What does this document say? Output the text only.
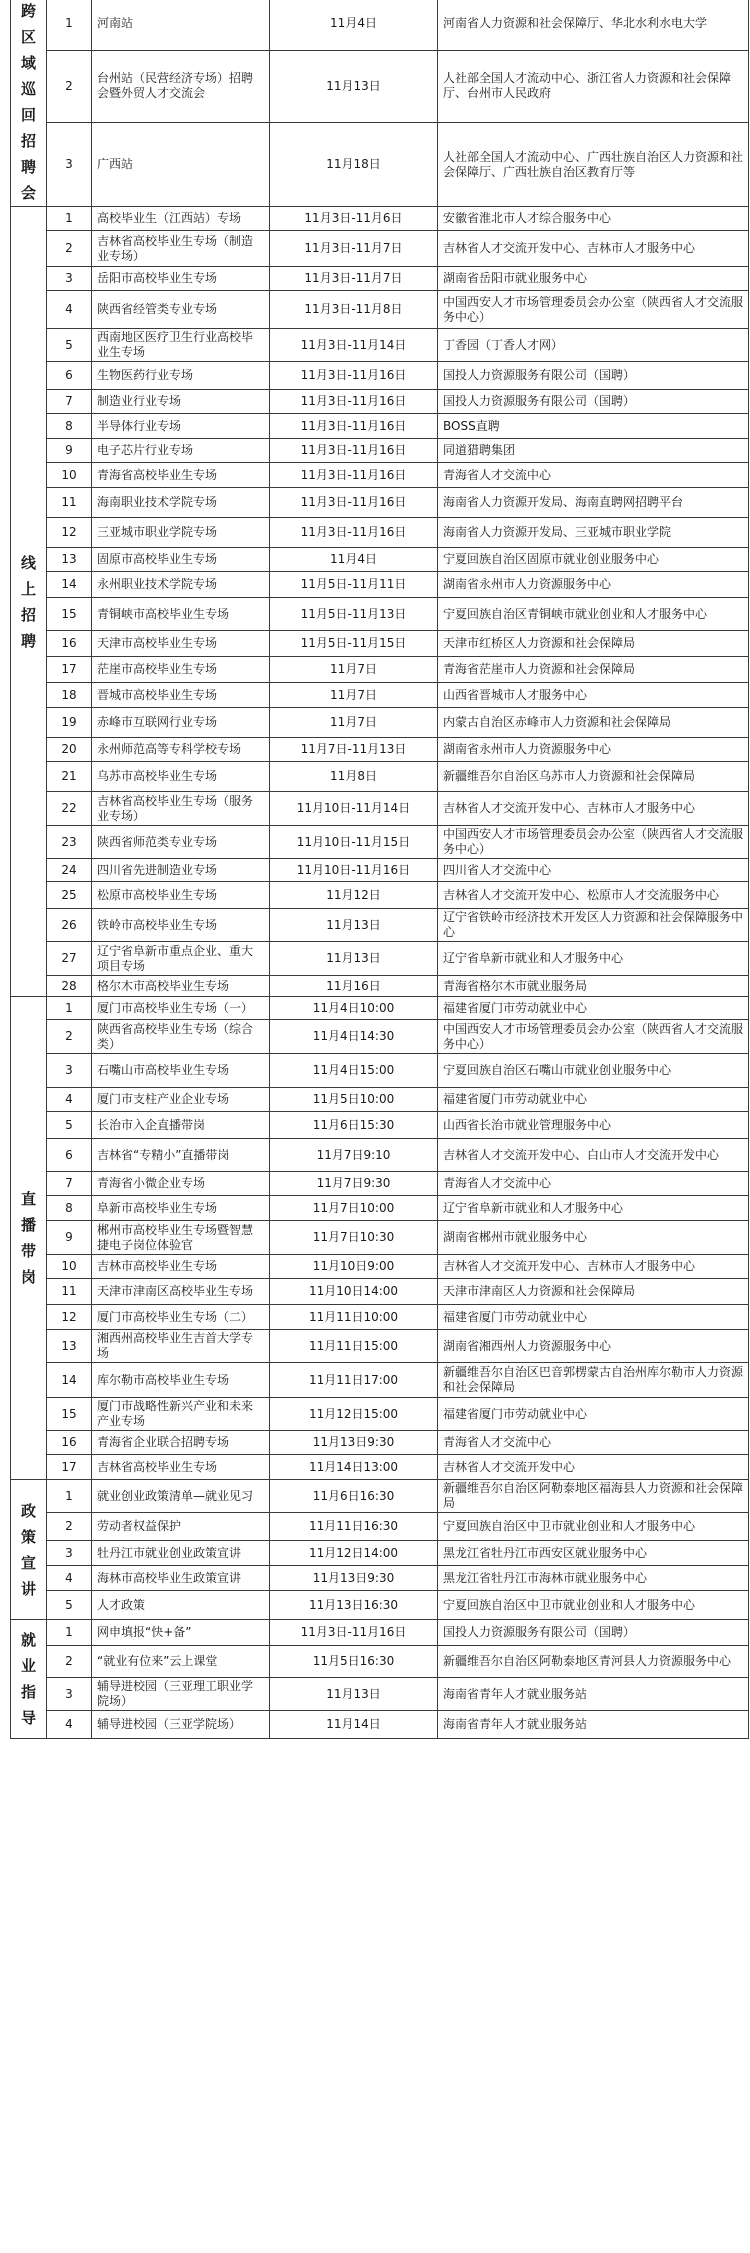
跨区域巡回招聘会	1	河南站	11月4日	河南省人力资源和社会保障厅、华北水利水电大学
	2	台州站（民营经济专场）招聘会暨外贸人才交流会	11月13日	人社部全国人才流动中心、浙江省人力资源和社会保障厅、台州市人民政府
	3	广西站	11月18日	人社部全国人才流动中心、广西壮族自治区人力资源和社会保障厅、广西壮族自治区教育厅等
线上招聘	1	高校毕业生（江西站）专场	11月3日-11月6日	安徽省淮北市人才综合服务中心
	2	吉林省高校毕业生专场（制造业专场）	11月3日-11月7日	吉林省人才交流开发中心、吉林市人才服务中心
	3	岳阳市高校毕业生专场	11月3日-11月7日	湖南省岳阳市就业服务中心
	4	陕西省经管类专业专场	11月3日-11月8日	中国西安人才市场管理委员会办公室（陕西省人才交流服务中心）
	5	西南地区医疗卫生行业高校毕业生专场	11月3日-11月14日	丁香园（丁香人才网）
	6	生物医药行业专场	11月3日-11月16日	国投人力资源服务有限公司（国聘）
	7	制造业行业专场	11月3日-11月16日	国投人力资源服务有限公司（国聘）
	8	半导体行业专场	11月3日-11月16日	BOSS直聘
	9	电子芯片行业专场	11月3日-11月16日	同道猎聘集团
	10	青海省高校毕业生专场	11月3日-11月16日	青海省人才交流中心
	11	海南职业技术学院专场	11月3日-11月16日	海南省人力资源开发局、海南直聘网招聘平台
	12	三亚城市职业学院专场	11月3日-11月16日	海南省人力资源开发局、三亚城市职业学院
	13	固原市高校毕业生专场	11月4日	宁夏回族自治区固原市就业创业服务中心
	14	永州职业技术学院专场	11月5日-11月11日	湖南省永州市人力资源服务中心
	15	青铜峡市高校毕业生专场	11月5日-11月13日	宁夏回族自治区青铜峡市就业创业和人才服务中心
	16	天津市高校毕业生专场	11月5日-11月15日	天津市红桥区人力资源和社会保障局
	17	茫崖市高校毕业生专场	11月7日	青海省茫崖市人力资源和社会保障局
	18	晋城市高校毕业生专场	11月7日	山西省晋城市人才服务中心
	19	赤峰市互联网行业专场	11月7日	内蒙古自治区赤峰市人力资源和社会保障局
	20	永州师范高等专科学校专场	11月7日-11月13日	湖南省永州市人力资源服务中心
	21	乌苏市高校毕业生专场	11月8日	新疆维吾尔自治区乌苏市人力资源和社会保障局
	22	吉林省高校毕业生专场（服务业专场）	11月10日-11月14日	吉林省人才交流开发中心、吉林市人才服务中心
	23	陕西省师范类专业专场	11月10日-11月15日	中国西安人才市场管理委员会办公室（陕西省人才交流服务中心）
	24	四川省先进制造业专场	11月10日-11月16日	四川省人才交流中心
	25	松原市高校毕业生专场	11月12日	吉林省人才交流开发中心、松原市人才交流服务中心
	26	铁岭市高校毕业生专场	11月13日	辽宁省铁岭市经济技术开发区人力资源和社会保障服务中心
	27	辽宁省阜新市重点企业、重大项目专场	11月13日	辽宁省阜新市就业和人才服务中心
	28	格尔木市高校毕业生专场	11月16日	青海省格尔木市就业服务局
直播带岗	1	厦门市高校毕业生专场（一）	11月4日10:00	福建省厦门市劳动就业中心
	2	陕西省高校毕业生专场（综合类）	11月4日14:30	中国西安人才市场管理委员会办公室（陕西省人才交流服务中心）
	3	石嘴山市高校毕业生专场	11月4日15:00	宁夏回族自治区石嘴山市就业创业服务中心
	4	厦门市支柱产业企业专场	11月5日10:00	福建省厦门市劳动就业中心
	5	长治市入企直播带岗	11月6日15:30	山西省长治市就业管理服务中心
	6	吉林省“专精小”直播带岗	11月7日9:10	吉林省人才交流开发中心、白山市人才交流开发中心
	7	青海省小微企业专场	11月7日9:30	青海省人才交流中心
	8	阜新市高校毕业生专场	11月7日10:00	辽宁省阜新市就业和人才服务中心
	9	郴州市高校毕业生专场暨智慧捷电子岗位体验官	11月7日10:30	湖南省郴州市就业服务中心
	10	吉林市高校毕业生专场	11月10日9:00	吉林省人才交流开发中心、吉林市人才服务中心
	11	天津市津南区高校毕业生专场	11月10日14:00	天津市津南区人力资源和社会保障局
	12	厦门市高校毕业生专场（二）	11月11日10:00	福建省厦门市劳动就业中心
	13	湘西州高校毕业生吉首大学专场	11月11日15:00	湖南省湘西州人力资源服务中心
	14	库尔勒市高校毕业生专场	11月11日17:00	新疆维吾尔自治区巴音郭楞蒙古自治州库尔勒市人力资源和社会保障局
	15	厦门市战略性新兴产业和未来产业专场	11月12日15:00	福建省厦门市劳动就业中心
	16	青海省企业联合招聘专场	11月13日9:30	青海省人才交流中心
	17	吉林省高校毕业生专场	11月14日13:00	吉林省人才交流开发中心
政策宣讲	1	就业创业政策清单—就业见习	11月6日16:30	新疆维吾尔自治区阿勒泰地区福海县人力资源和社会保障局
	2	劳动者权益保护	11月11日16:30	宁夏回族自治区中卫市就业创业和人才服务中心
	3	牡丹江市就业创业政策宣讲	11月12日14:00	黑龙江省牡丹江市西安区就业服务中心
	4	海林市高校毕业生政策宣讲	11月13日9:30	黑龙江省牡丹江市海林市就业服务中心
	5	人才政策	11月13日16:30	宁夏回族自治区中卫市就业创业和人才服务中心
就业指导	1	网申填报“快+备”	11月3日-11月16日	国投人力资源服务有限公司（国聘）
	2	“就业有位来”云上课堂	11月5日16:30	新疆维吾尔自治区阿勒泰地区青河县人力资源服务中心
	3	辅导进校园（三亚理工职业学院场）	11月13日	海南省青年人才就业服务站
	4	辅导进校园（三亚学院场）	11月14日	海南省青年人才就业服务站
